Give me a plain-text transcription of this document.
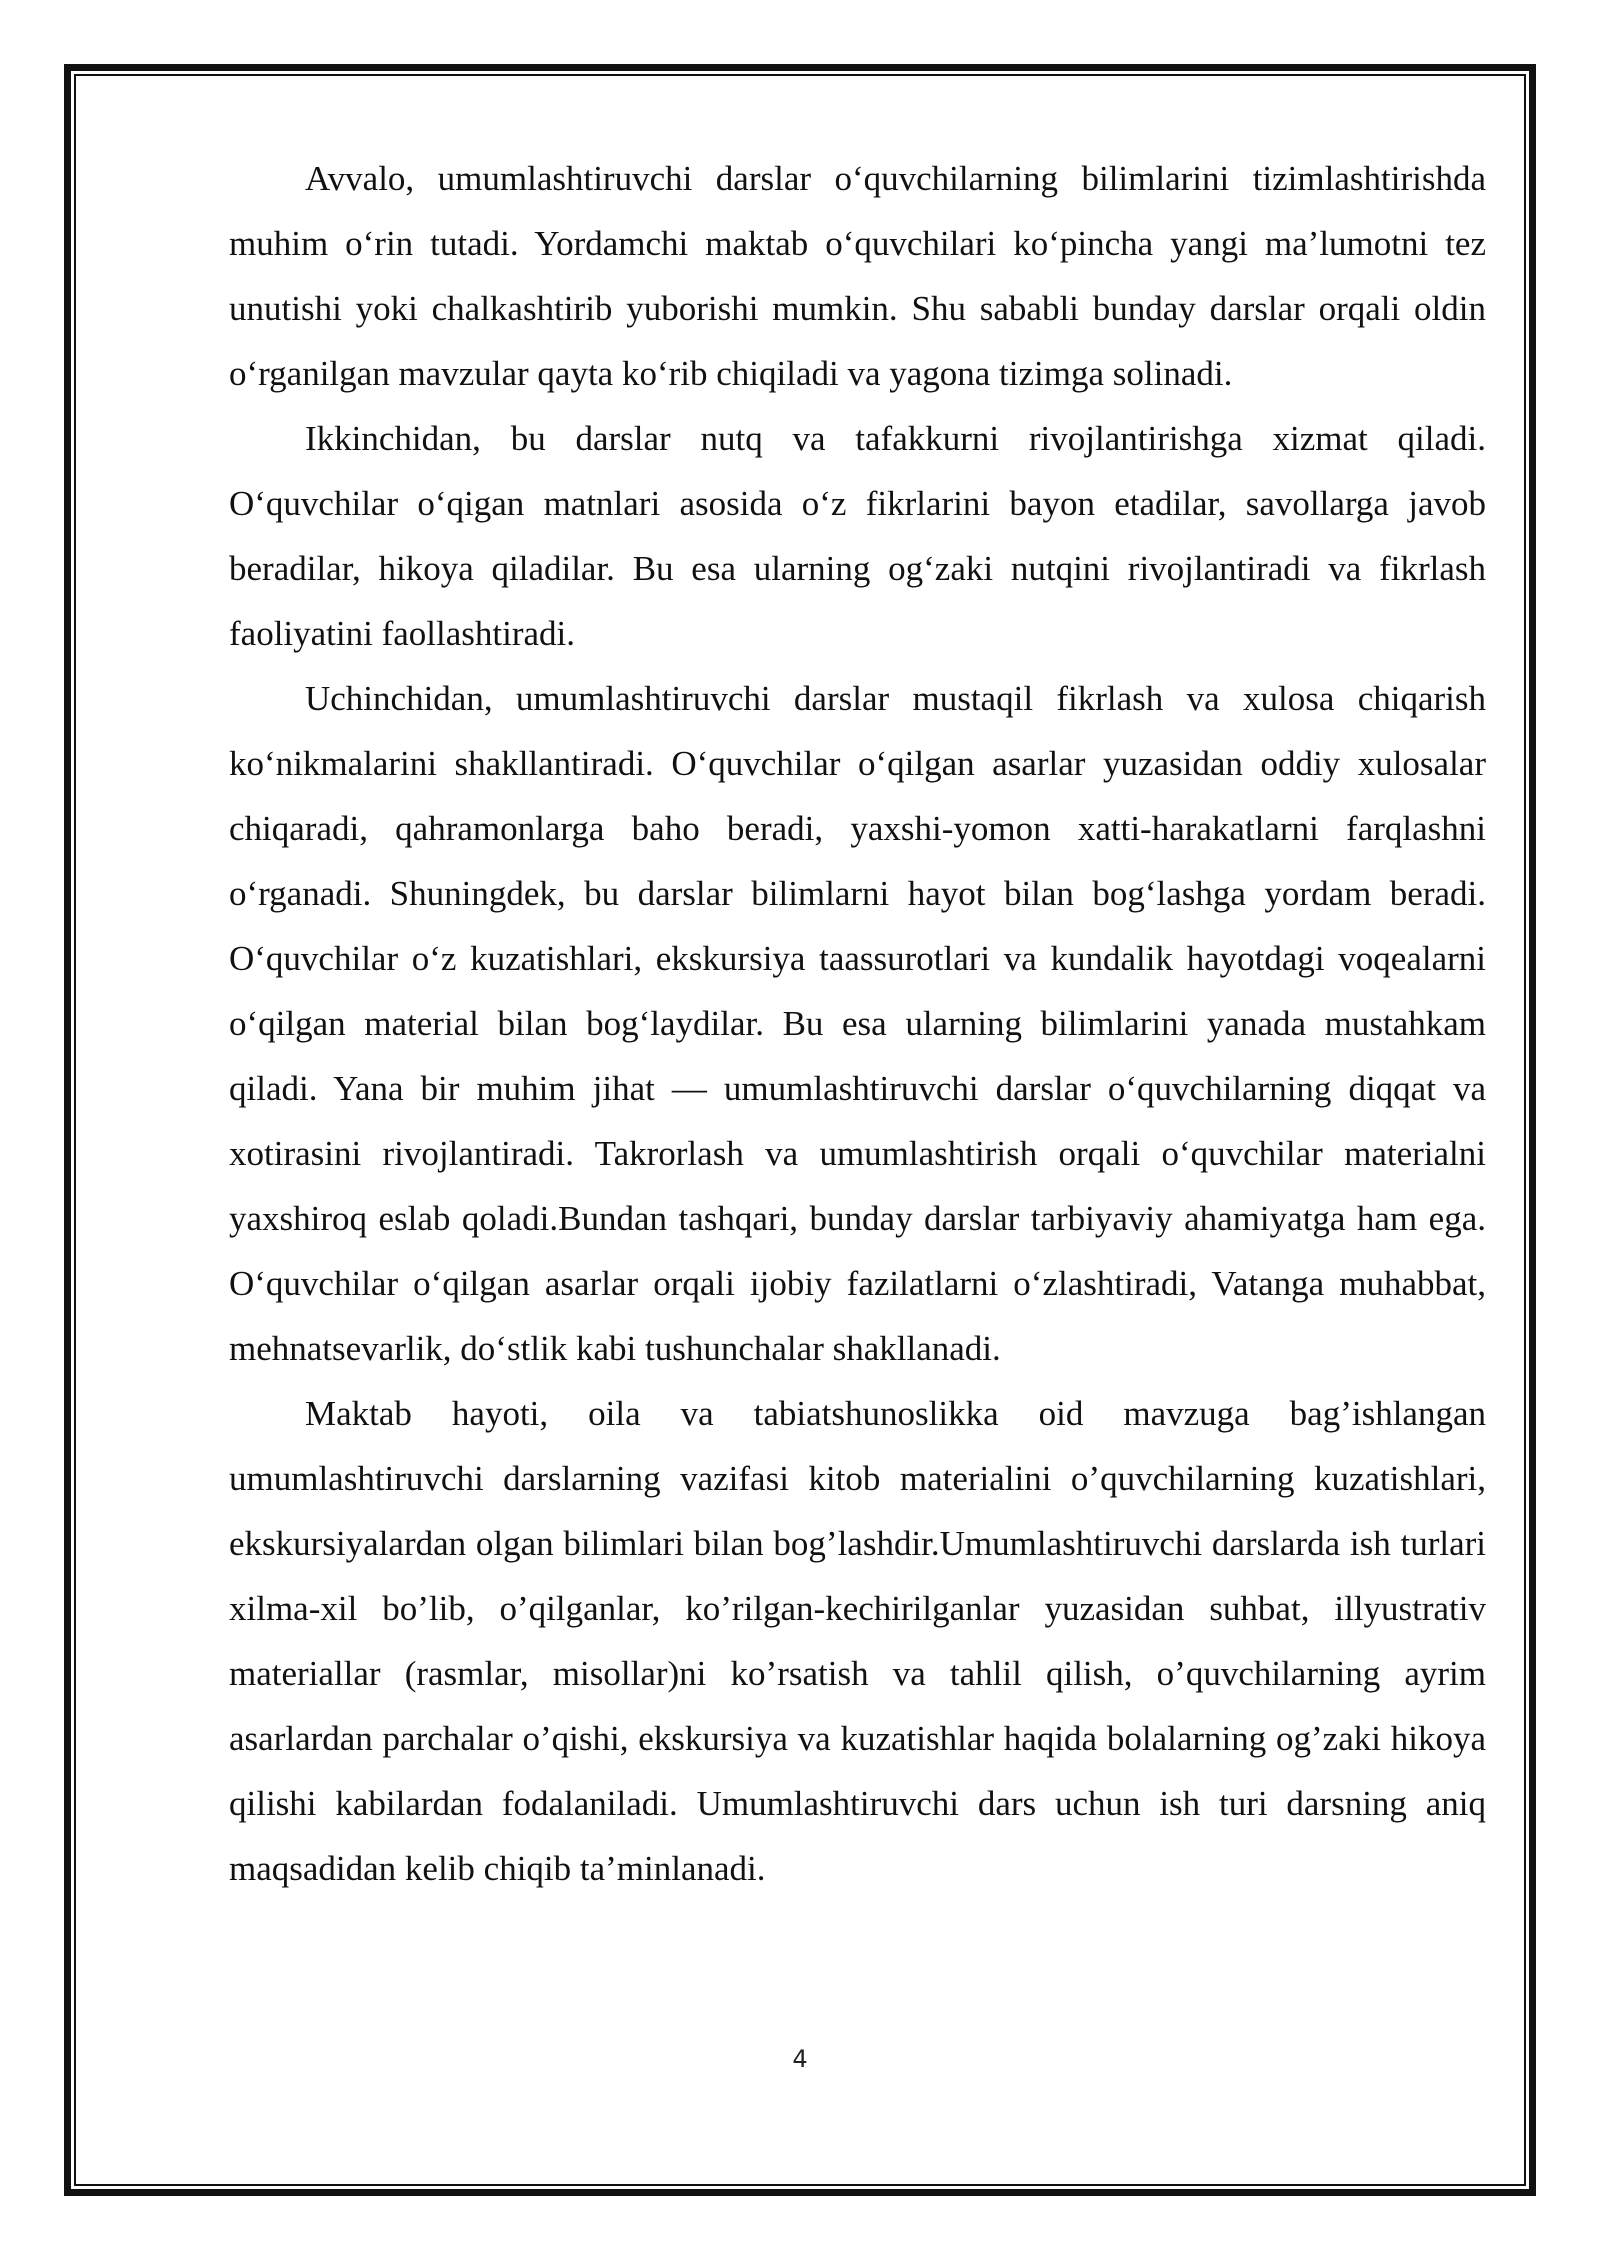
Avvalo, umumlashtiruvchi darslar o‘quvchilarning bilimlarini tizimlashtirishda muhim o‘rin tutadi. Yordamchi maktab o‘quvchilari ko‘pincha yangi ma’lumotni tez unutishi yoki chalkashtirib yuborishi mumkin. Shu sababli bunday darslar orqali oldin o‘rganilgan mavzular qayta ko‘rib chiqiladi va yagona tizimga solinadi.

Ikkinchidan, bu darslar nutq va tafakkurni rivojlantirishga xizmat qiladi. O‘quvchilar o‘qigan matnlari asosida o‘z fikrlarini bayon etadilar, savollarga javob beradilar, hikoya qiladilar. Bu esa ularning og‘zaki nutqini rivojlantiradi va fikrlash faoliyatini faollashtiradi.

Uchinchidan, umumlashtiruvchi darslar mustaqil fikrlash va xulosa chiqarish ko‘nikmalarini shakllantiradi. O‘quvchilar o‘qilgan asarlar yuzasidan oddiy xulosalar chiqaradi, qahramonlarga baho beradi, yaxshi-yomon xatti-harakatlarni farqlashni o‘rganadi. Shuningdek, bu darslar bilimlarni hayot bilan bog‘lashga yordam beradi. O‘quvchilar o‘z kuzatishlari, ekskursiya taassurotlari va kundalik hayotdagi voqealarni o‘qilgan material bilan bog‘laydilar. Bu esa ularning bilimlarini yanada mustahkam qiladi. Yana bir muhim jihat — umumlashtiruvchi darslar o‘quvchilarning diqqat va xotirasini rivojlantiradi. Takrorlash va umumlashtirish orqali o‘quvchilar materialni yaxshiroq eslab qoladi.Bundan tashqari, bunday darslar tarbiyaviy ahamiyatga ham ega. O‘quvchilar o‘qilgan asarlar orqali ijobiy fazilatlarni o‘zlashtiradi, Vatanga muhabbat, mehnatsevarlik, do‘stlik kabi tushunchalar shakllanadi.

Maktab hayoti, oila va tabiatshunoslikka oid mavzuga bag’ishlangan umumlashtiruvchi darslarning vazifasi kitob materialini o’quvchilarning kuzatishlari, ekskursiyalardan olgan bilimlari bilan bog’lashdir.Umumlashtiruvchi darslarda ish turlari xilma-xil bo’lib, o’qilganlar, ko’rilgan-kechirilganlar yuzasidan suhbat, illyustrativ materiallar (rasmlar, misollar)ni ko’rsatish va tahlil qilish, o’quvchilarning ayrim asarlardan parchalar o’qishi, ekskursiya va kuzatishlar haqida bolalarning og’zaki hikoya qilishi kabilardan fodalaniladi. Umumlashtiruvchi dars uchun ish turi darsning aniq maqsadidan kelib chiqib ta’minlanadi.

4
